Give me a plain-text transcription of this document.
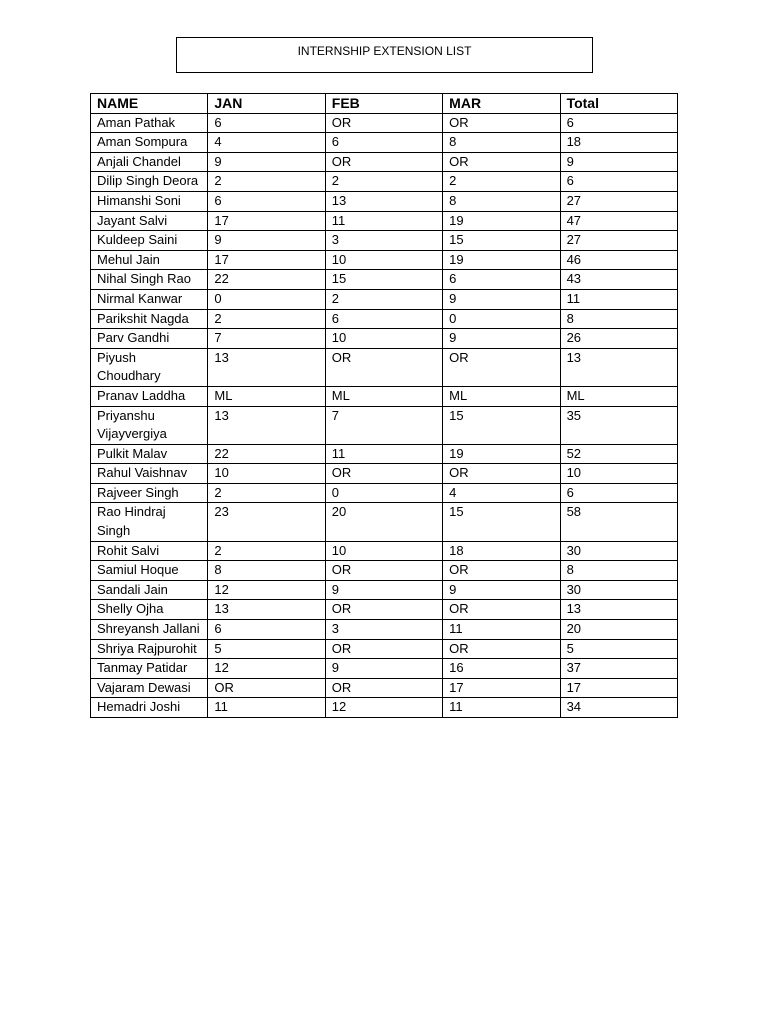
INTERNSHIP EXTENSION LIST
NAME	JAN	FEB	MAR	Total
Aman Pathak	6	OR	OR	6
Aman Sompura	4	6	8	18
Anjali Chandel	9	OR	OR	9
Dilip Singh Deora	2	2	2	6
Himanshi Soni	6	13	8	27
Jayant Salvi	17	11	19	47
Kuldeep Saini	9	3	15	27
Mehul Jain	17	10	19	46
Nihal Singh Rao	22	15	6	43
Nirmal Kanwar	0	2	9	11
Parikshit Nagda	2	6	0	8
Parv Gandhi	7	10	9	26
Piyush Choudhary	13	OR	OR	13
Pranav Laddha	ML	ML	ML	ML
Priyanshu Vijayvergiya	13	7	15	35
Pulkit Malav	22	11	19	52
Rahul Vaishnav	10	OR	OR	10
Rajveer Singh	2	0	4	6
Rao Hindraj Singh	23	20	15	58
Rohit Salvi	2	10	18	30
Samiul Hoque	8	OR	OR	8
Sandali Jain	12	9	9	30
Shelly Ojha	13	OR	OR	13
Shreyansh Jallani	6	3	11	20
Shriya Rajpurohit	5	OR	OR	5
Tanmay Patidar	12	9	16	37
Vajaram Dewasi	OR	OR	17	17
Hemadri Joshi	11	12	11	34
